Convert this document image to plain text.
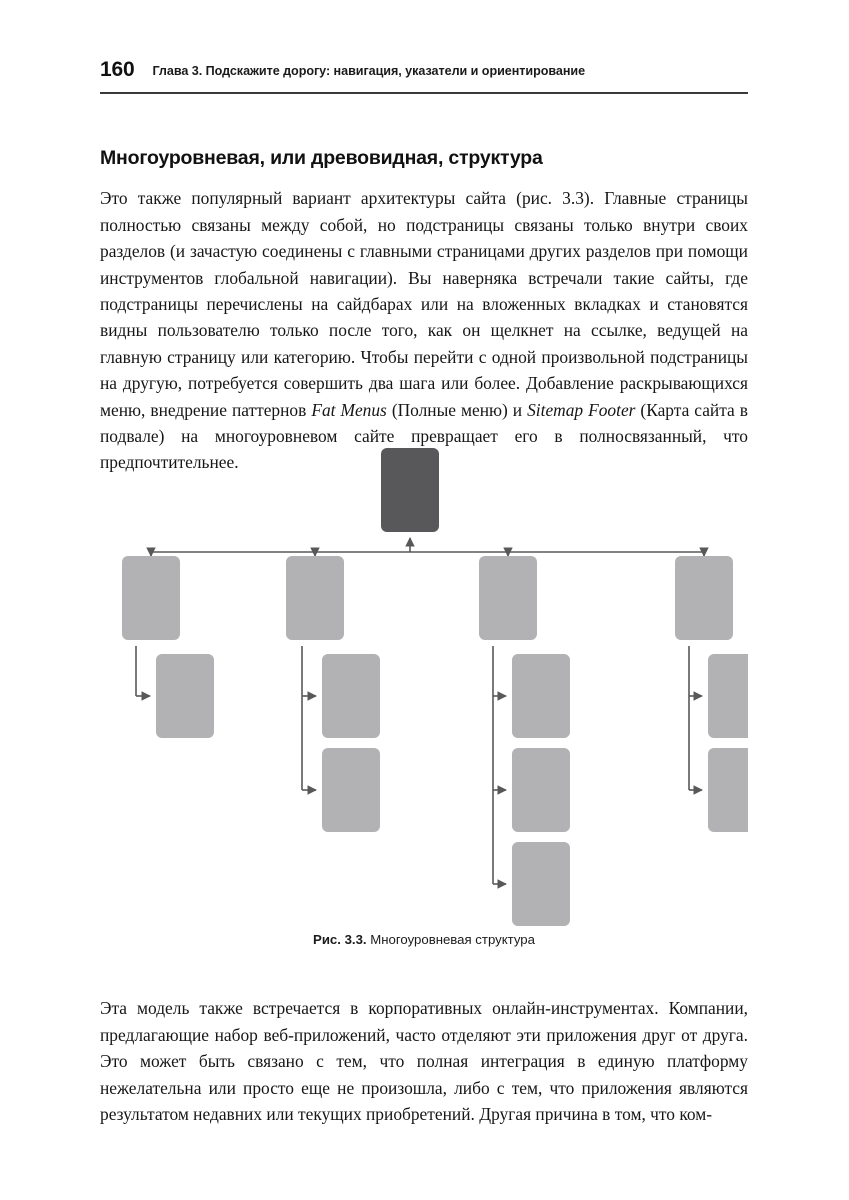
160 Глава 3. Подскажите дорогу: навигация, указатели и ориентирование
Многоуровневая, или древовидная, структура

Это также популярный вариант архитектуры сайта (рис. 3.3). Главные страницы полностью связаны между собой, но подстраницы связаны только внутри своих разделов (и зачастую соединены с главными страницами других разделов при помощи инструментов глобальной навигации). Вы наверняка встречали такие сайты, где подстраницы перечислены на сайдбарах или на вложенных вкладках и становятся видны пользователю только после того, как он щелкнет на ссылке, ведущей на главную страницу или категорию. Чтобы перейти с одной произвольной подстраницы на другую, потребуется совершить два шага или более. Добавление раскрывающихся меню, внедрение паттернов Fat Menus (Полные меню) и Sitemap Footer (Карта сайта в подвале) на многоуровневом сайте превращает его в полносвязанный, что предпочтительнее.

Рис. 3.3. Многоуровневая структура

Эта модель также встречается в корпоративных онлайн-инструментах. Компании, предлагающие набор веб-приложений, часто отделяют эти приложения друг от друга. Это может быть связано с тем, что полная интеграция в единую платформу нежелательна или просто еще не произошла, либо с тем, что приложения являются результатом недавних или текущих приобретений. Другая причина в том, что ком-
